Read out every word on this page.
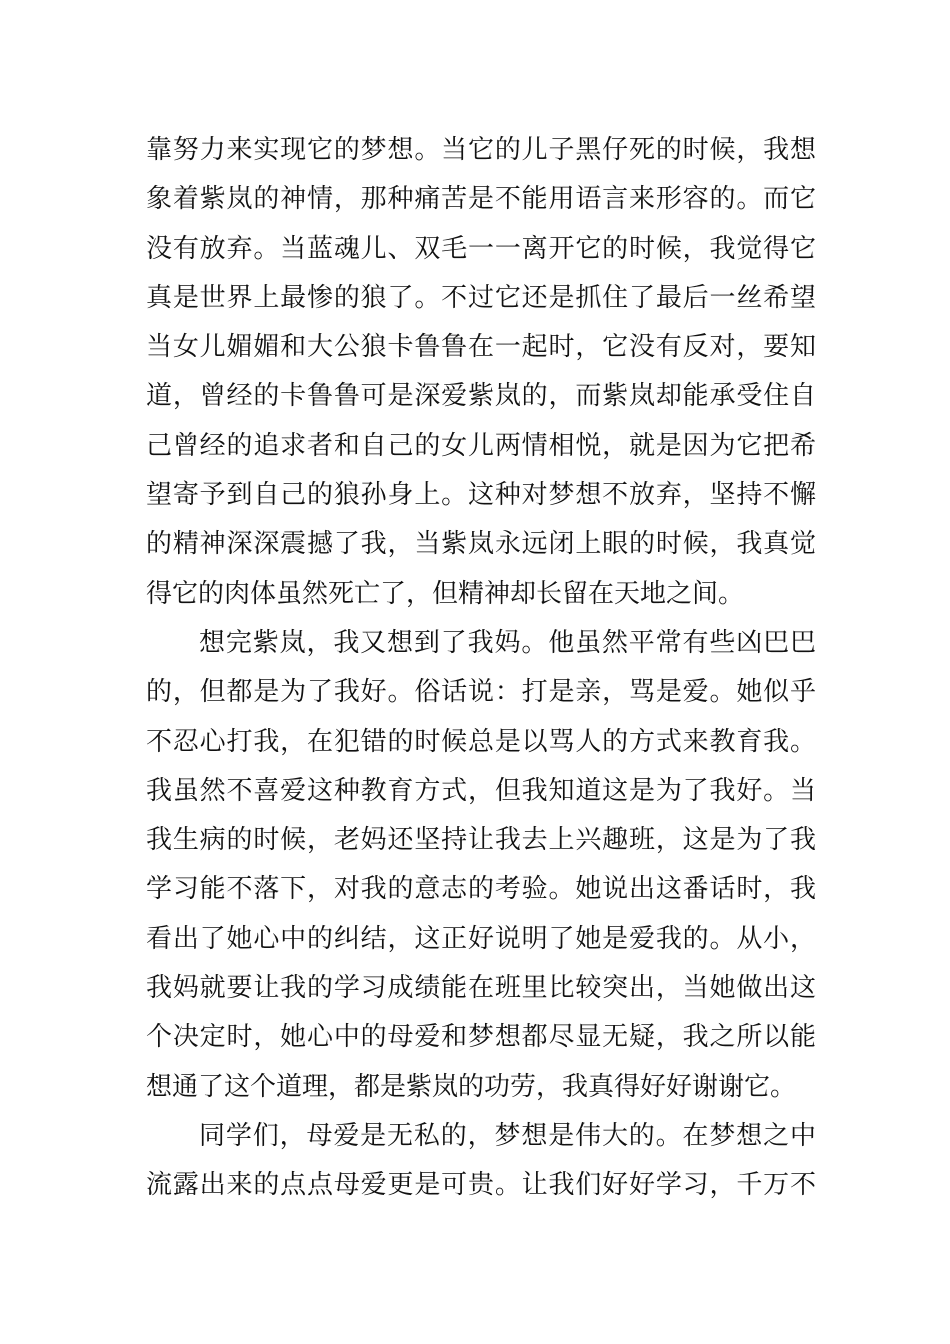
靠努力来实现它的梦想。当它的儿子黑仔死的时候，我想
象着紫岚的神情，那种痛苦是不能用语言来形容的。而它
没有放弃。当蓝魂儿、双毛一一离开它的时候，我觉得它
真是世界上最惨的狼了。不过它还是抓住了最后一丝希望
当女儿媚媚和大公狼卡鲁鲁在一起时，它没有反对，要知
道，曾经的卡鲁鲁可是深爱紫岚的，而紫岚却能承受住自
己曾经的追求者和自己的女儿两情相悦，就是因为它把希
望寄予到自己的狼孙身上。这种对梦想不放弃，坚持不懈
的精神深深震撼了我，当紫岚永远闭上眼的时候，我真觉
得它的肉体虽然死亡了，但精神却长留在天地之间。
想完紫岚，我又想到了我妈。他虽然平常有些凶巴巴
的，但都是为了我好。俗话说：打是亲，骂是爱。她似乎
不忍心打我，在犯错的时候总是以骂人的方式来教育我。
我虽然不喜爱这种教育方式，但我知道这是为了我好。当
我生病的时候，老妈还坚持让我去上兴趣班，这是为了我
学习能不落下，对我的意志的考验。她说出这番话时，我
看出了她心中的纠结，这正好说明了她是爱我的。从小，
我妈就要让我的学习成绩能在班里比较突出，当她做出这
个决定时，她心中的母爱和梦想都尽显无疑，我之所以能
想通了这个道理，都是紫岚的功劳，我真得好好谢谢它。
同学们，母爱是无私的，梦想是伟大的。在梦想之中
流露出来的点点母爱更是可贵。让我们好好学习，千万不
